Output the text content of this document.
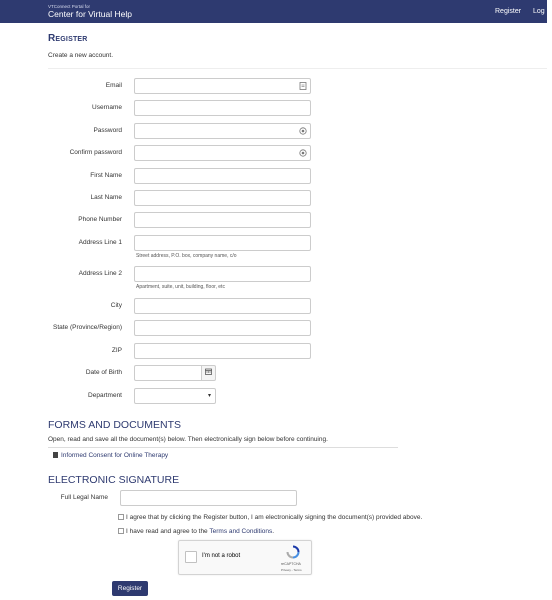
VTConnect Portal for
Center for Virtual Help	Register Log in
Register
Create a new account.
Email
Username
Password
Confirm password
First Name
Last Name
Phone Number
Address Line 1
Street address, P.O. box, company name, c/o
Address Line 2
Apartment, suite, unit, building, floor, etc
City
State (Province/Region)
ZIP
Date of Birth
Department	▾
FORMS AND DOCUMENTS
Open, read and save all the document(s) below. Then electronically sign below before continuing.
Informed Consent for Online Therapy
ELECTRONIC SIGNATURE
Full Legal Name
I agree that by clicking the Register button, I am electronically signing the document(s) provided above.
I have read and agree to the Terms and Conditions.
I'm not a robot
reCAPTCHA
Privacy - Terms
Register
